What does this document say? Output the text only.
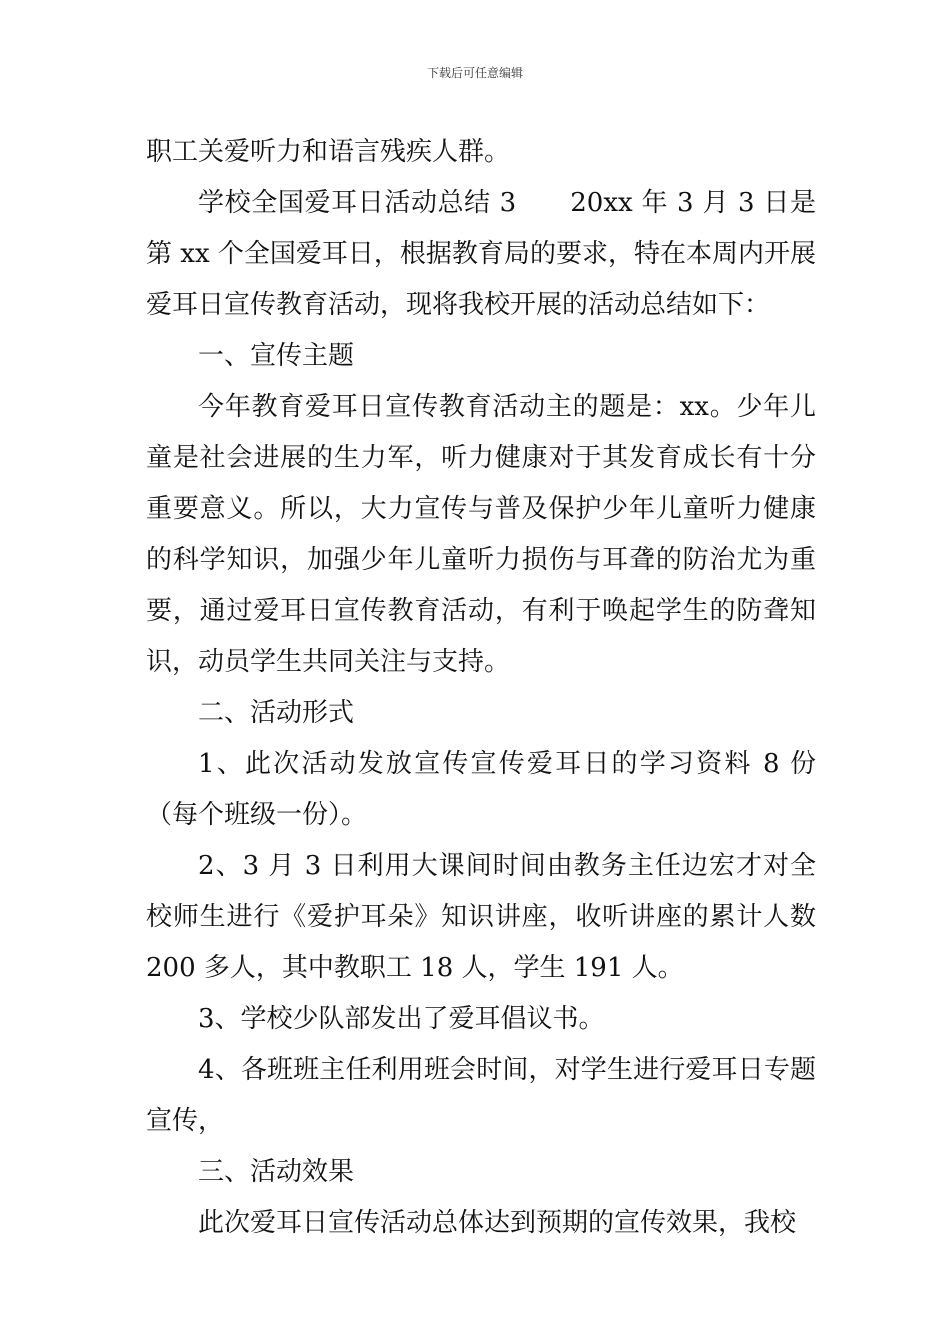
下载后可任意编辑

职工关爱听力和语言残疾人群。

学校全国爱耳日活动总结 3 20xx 年 3 月 3 日是第 xx 个全国爱耳日，根据教育局的要求，特在本周内开展爱耳日宣传教育活动，现将我校开展的活动总结如下：

一、宣传主题

今年教育爱耳日宣传教育活动主的题是：xx。少年儿童是社会进展的生力军，听力健康对于其发育成长有十分重要意义。所以，大力宣传与普及保护少年儿童听力健康的科学知识，加强少年儿童听力损伤与耳聋的防治尤为重要，通过爱耳日宣传教育活动，有利于唤起学生的防聋知识，动员学生共同关注与支持。

二、活动形式

1、此次活动发放宣传宣传爱耳日的学习资料 8 份（每个班级一份）。

2、3 月 3 日利用大课间时间由教务主任边宏才对全校师生进行《爱护耳朵》知识讲座，收听讲座的累计人数 200 多人，其中教职工 18 人，学生 191 人。

3、学校少队部发出了爱耳倡议书。

4、各班班主任利用班会时间，对学生进行爱耳日专题宣传，

三、活动效果

此次爱耳日宣传活动总体达到预期的宣传效果，我校
